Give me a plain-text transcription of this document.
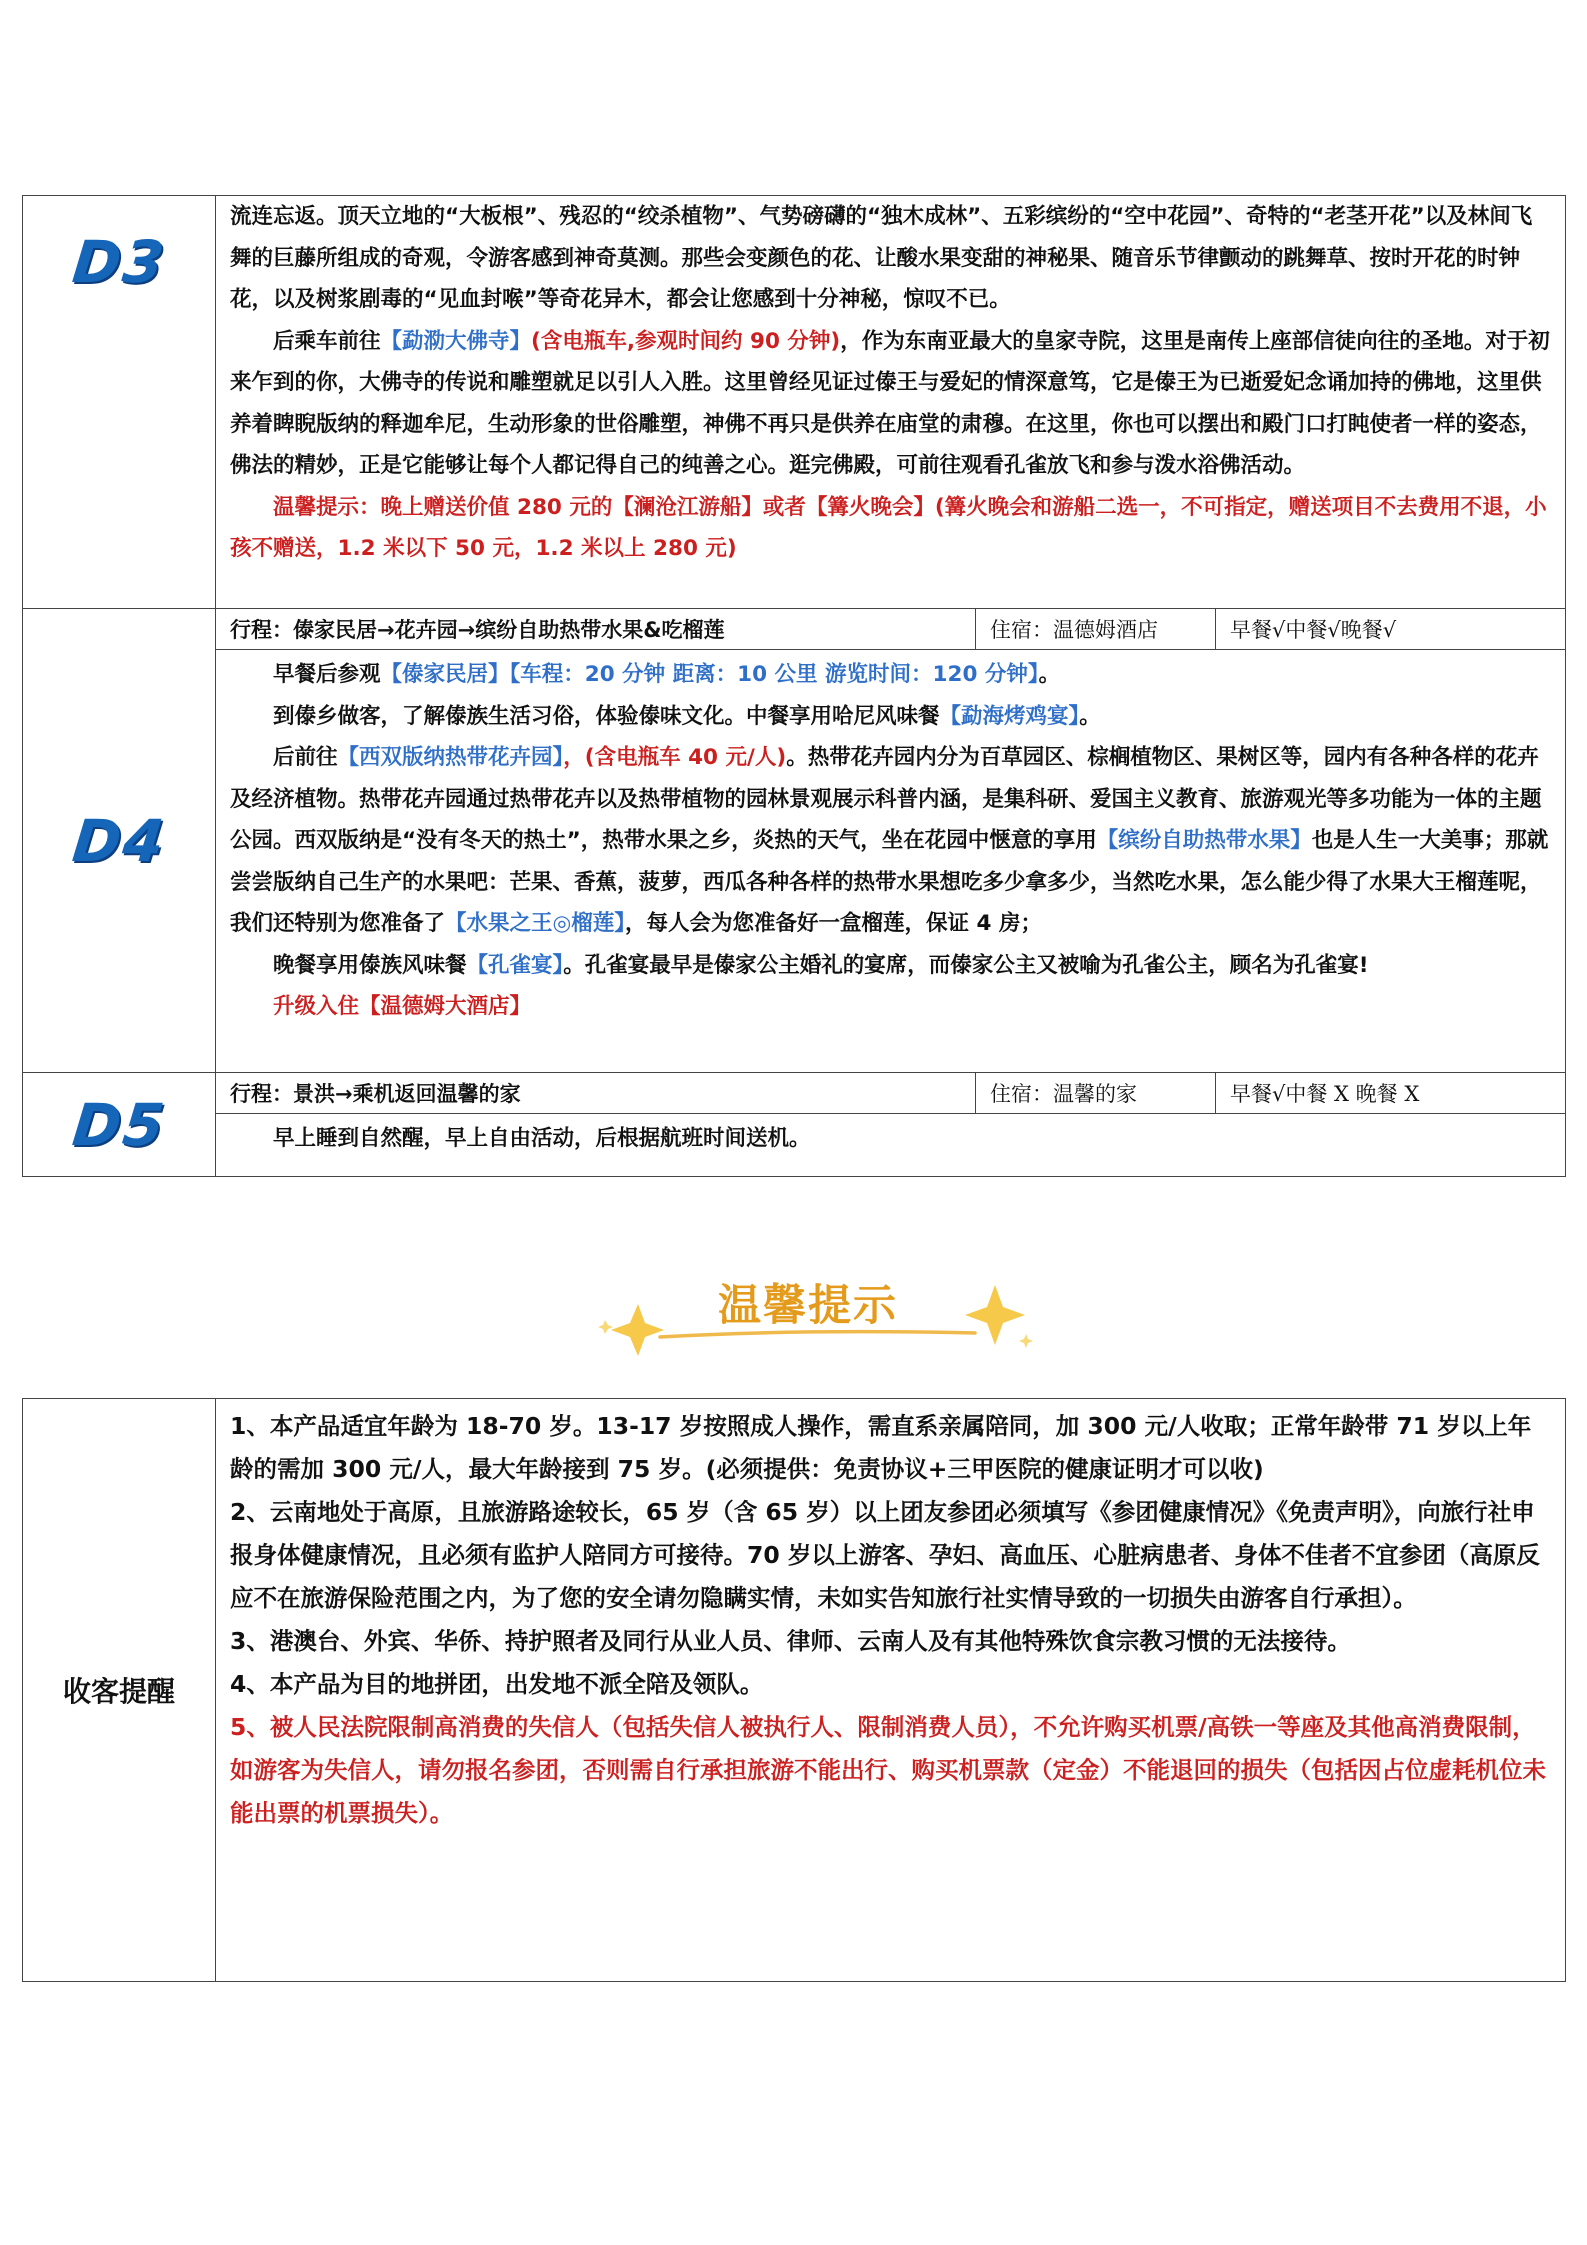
D3	流连忘返。顶天立地的“大板根”、残忍的“绞杀植物”、气势磅礴的“独木成林”、五彩缤纷的“空中花园”、奇特的“老茎开花”以及林间飞舞的巨藤所组成的奇观，令游客感到神奇莫测。那些会变颜色的花、让酸水果变甜的神秘果、随音乐节律颤动的跳舞草、按时开花的时钟花，以及树浆剧毒的“见血封喉”等奇花异木，都会让您感到十分神秘，惊叹不已。

后乘车前往【勐泐大佛寺】(含电瓶车,参观时间约 90 分钟)，作为东南亚最大的皇家寺院，这里是南传上座部信徒向往的圣地。对于初来乍到的你，大佛寺的传说和雕塑就足以引人入胜。这里曾经见证过傣王与爱妃的情深意笃，它是傣王为已逝爱妃念诵加持的佛地，这里供养着睥睨版纳的释迦牟尼，生动形象的世俗雕塑，神佛不再只是供养在庙堂的肃穆。在这里，你也可以摆出和殿门口打盹使者一样的姿态，佛法的精妙，正是它能够让每个人都记得自己的纯善之心。逛完佛殿，可前往观看孔雀放飞和参与泼水浴佛活动。

温馨提示：晚上赠送价值 280 元的【澜沧江游船】或者【篝火晚会】(篝火晚会和游船二选一，不可指定，赠送项目不去费用不退，小孩不赠送，1.2 米以下 50 元，1.2 米以上 280 元)		

D4	行程：傣家民居→花卉园→缤纷自助热带水果&吃榴莲	住宿：温德姆酒店	早餐√中餐√晚餐√

	早餐后参观【傣家民居】【车程：20 分钟 距离：10 公里 游览时间：120 分钟】。

到傣乡做客，了解傣族生活习俗，体验傣味文化。中餐享用哈尼风味餐【勐海烤鸡宴】。

后前往【西双版纳热带花卉园】，(含电瓶车 40 元/人)。热带花卉园内分为百草园区、棕榈植物区、果树区等，园内有各种各样的花卉及经济植物。热带花卉园通过热带花卉以及热带植物的园林景观展示科普内涵，是集科研、爱国主义教育、旅游观光等多功能为一体的主题公园。西双版纳是“没有冬天的热土”，热带水果之乡，炎热的天气，坐在花园中惬意的享用【缤纷自助热带水果】也是人生一大美事；那就尝尝版纳自己生产的水果吧：芒果、香蕉，菠萝，西瓜各种各样的热带水果想吃多少拿多少，当然吃水果，怎么能少得了水果大王榴莲呢，我们还特别为您准备了【水果之王◎榴莲】，每人会为您准备好一盒榴莲，保证 4 房；

晚餐享用傣族风味餐【孔雀宴】。孔雀宴最早是傣家公主婚礼的宴席，而傣家公主又被喻为孔雀公主，顾名为孔雀宴!

升级入住【温德姆大酒店】		

D5	行程：景洪→乘机返回温馨的家	住宿：温馨的家	早餐√中餐 X 晚餐 X

	早上睡到自然醒，早上自由活动，后根据航班时间送机。		

温馨提示
收客提醒	

1、本产品适宜年龄为 18-70 岁。13-17 岁按照成人操作，需直系亲属陪同，加 300 元/人收取；正常年龄带 71 岁以上年龄的需加 300 元/人，最大年龄接到 75 岁。(必须提供：免责协议+三甲医院的健康证明才可以收)

2、云南地处于高原，且旅游路途较长，65 岁（含 65 岁）以上团友参团必须填写《参团健康情况》《免责声明》，向旅行社申报身体健康情况，且必须有监护人陪同方可接待。70 岁以上游客、孕妇、高血压、心脏病患者、身体不佳者不宜参团（高原反应不在旅游保险范围之内，为了您的安全请勿隐瞒实情，未如实告知旅行社实情导致的一切损失由游客自行承担）。

3、港澳台、外宾、华侨、持护照者及同行从业人员、律师、云南人及有其他特殊饮食宗教习惯的无法接待。

4、本产品为目的地拼团，出发地不派全陪及领队。

5、被人民法院限制高消费的失信人（包括失信人被执行人、限制消费人员），不允许购买机票/高铁一等座及其他高消费限制，如游客为失信人，请勿报名参团，否则需自行承担旅游不能出行、购买机票款（定金）不能退回的损失（包括因占位虚耗机位未能出票的机票损失）。
